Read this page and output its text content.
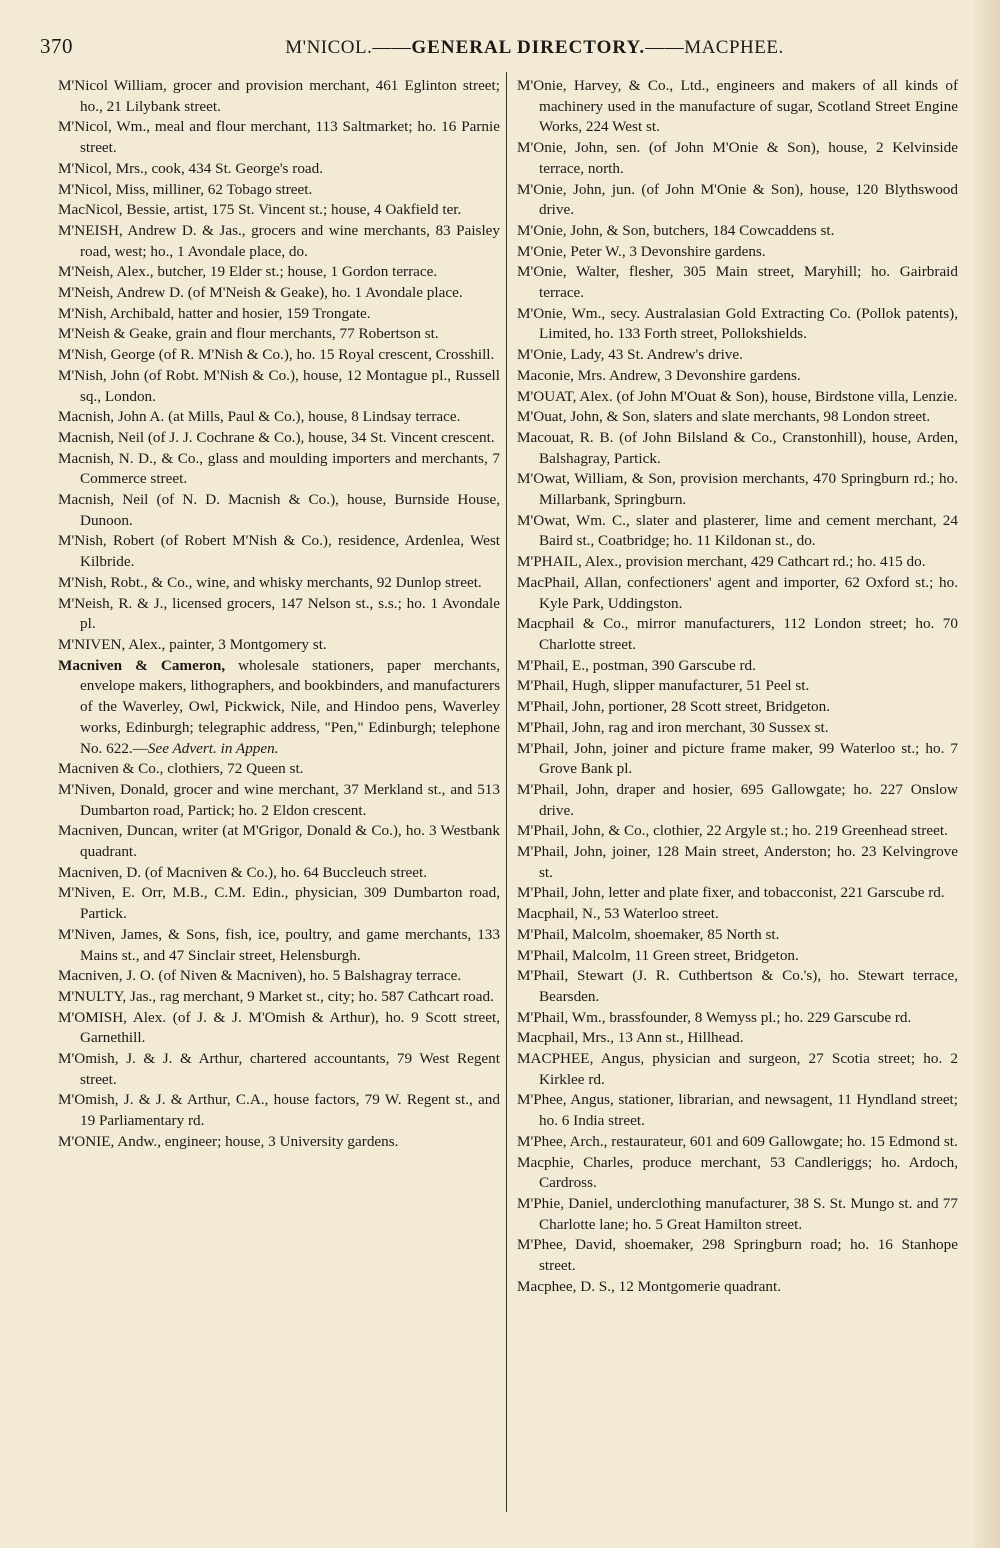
370	M'NICOL.——GENERAL DIRECTORY.——MACPHEE.
M'Nicol William, grocer and provision merchant, 461 Eglinton street; ho., 21 Lilybank street.
M'Nicol, Wm., meal and flour merchant, 113 Saltmarket; ho. 16 Parnie street.
M'Nicol, Mrs., cook, 434 St. George's road.
M'Nicol, Miss, milliner, 62 Tobago street.
MacNicol, Bessie, artist, 175 St. Vincent st.; house, 4 Oakfield ter.
M'NEISH, Andrew D. & Jas., grocers and wine merchants, 83 Paisley road, west; ho., 1 Avondale place, do.
M'Neish, Alex., butcher, 19 Elder st.; house, 1 Gordon terrace.
M'Neish, Andrew D. (of M'Neish & Geake), ho. 1 Avondale place.
M'Nish, Archibald, hatter and hosier, 159 Trongate.
M'Neish & Geake, grain and flour merchants, 77 Robertson st.
M'Nish, George (of R. M'Nish & Co.), ho. 15 Royal crescent, Crosshill.
M'Nish, John (of Robt. M'Nish & Co.), house, 12 Montague pl., Russell sq., London.
Macnish, John A. (at Mills, Paul & Co.), house, 8 Lindsay terrace.
Macnish, Neil (of J. J. Cochrane & Co.), house, 34 St. Vincent crescent.
Macnish, N. D., & Co., glass and moulding importers and merchants, 7 Commerce street.
Macnish, Neil (of N. D. Macnish & Co.), house, Burnside House, Dunoon.
M'Nish, Robert (of Robert M'Nish & Co.), residence, Ardenlea, West Kilbride.
M'Nish, Robt., & Co., wine, and whisky merchants, 92 Dunlop street.
M'Neish, R. & J., licensed grocers, 147 Nelson st., s.s.; ho. 1 Avondale pl.
M'NIVEN, Alex., painter, 3 Montgomery st.
Macniven & Cameron, wholesale stationers, paper merchants, envelope makers, lithographers, and bookbinders, and manufacturers of the Waverley, Owl, Pickwick, Nile, and Hindoo pens, Waverley works, Edinburgh; telegraphic address, "Pen," Edinburgh; telephone No. 622.—See Advert. in Appen.
Macniven & Co., clothiers, 72 Queen st.
M'Niven, Donald, grocer and wine merchant, 37 Merkland st., and 513 Dumbarton road, Partick; ho. 2 Eldon crescent.
Macniven, Duncan, writer (at M'Grigor, Donald & Co.), ho. 3 Westbank quadrant.
Macniven, D. (of Macniven & Co.), ho. 64 Buccleuch street.
M'Niven, E. Orr, M.B., C.M. Edin., physician, 309 Dumbarton road, Partick.
M'Niven, James, & Sons, fish, ice, poultry, and game merchants, 133 Mains st., and 47 Sinclair street, Helensburgh.
Macniven, J. O. (of Niven & Macniven), ho. 5 Balshagray terrace.
M'NULTY, Jas., rag merchant, 9 Market st., city; ho. 587 Cathcart road.
M'OMISH, Alex. (of J. & J. M'Omish & Arthur), ho. 9 Scott street, Garnethill.
M'Omish, J. & J. & Arthur, chartered accountants, 79 West Regent street.
M'Omish, J. & J. & Arthur, C.A., house factors, 79 W. Regent st., and 19 Parliamentary rd.
M'ONIE, Andw., engineer; house, 3 University gardens.
M'Onie, Harvey, & Co., Ltd., engineers and makers of all kinds of machinery used in the manufacture of sugar, Scotland Street Engine Works, 224 West st.
M'Onie, John, sen. (of John M'Onie & Son), house, 2 Kelvinside terrace, north.
M'Onie, John, jun. (of John M'Onie & Son), house, 120 Blythswood drive.
M'Onie, John, & Son, butchers, 184 Cowcaddens st.
M'Onie, Peter W., 3 Devonshire gardens.
M'Onie, Walter, flesher, 305 Main street, Maryhill; ho. Gairbraid terrace.
M'Onie, Wm., secy. Australasian Gold Extracting Co. (Pollok patents), Limited, ho. 133 Forth street, Pollokshields.
M'Onie, Lady, 43 St. Andrew's drive.
Maconie, Mrs. Andrew, 3 Devonshire gardens.
M'OUAT, Alex. (of John M'Ouat & Son), house, Birdstone villa, Lenzie.
M'Ouat, John, & Son, slaters and slate merchants, 98 London street.
Macouat, R. B. (of John Bilsland & Co., Cranstonhill), house, Arden, Balshagray, Partick.
M'Owat, William, & Son, provision merchants, 470 Springburn rd.; ho. Millarbank, Springburn.
M'Owat, Wm. C., slater and plasterer, lime and cement merchant, 24 Baird st., Coatbridge; ho. 11 Kildonan st., do.
M'PHAIL, Alex., provision merchant, 429 Cathcart rd.; ho. 415 do.
MacPhail, Allan, confectioners' agent and importer, 62 Oxford st.; ho. Kyle Park, Uddingston.
Macphail & Co., mirror manufacturers, 112 London street; ho. 70 Charlotte street.
M'Phail, E., postman, 390 Garscube rd.
M'Phail, Hugh, slipper manufacturer, 51 Peel st.
M'Phail, John, portioner, 28 Scott street, Bridgeton.
M'Phail, John, rag and iron merchant, 30 Sussex st.
M'Phail, John, joiner and picture frame maker, 99 Waterloo st.; ho. 7 Grove Bank pl.
M'Phail, John, draper and hosier, 695 Gallowgate; ho. 227 Onslow drive.
M'Phail, John, & Co., clothier, 22 Argyle st.; ho. 219 Greenhead street.
M'Phail, John, joiner, 128 Main street, Anderston; ho. 23 Kelvingrove st.
M'Phail, John, letter and plate fixer, and tobacconist, 221 Garscube rd.
Macphail, N., 53 Waterloo street.
M'Phail, Malcolm, shoemaker, 85 North st.
M'Phail, Malcolm, 11 Green street, Bridgeton.
M'Phail, Stewart (J. R. Cuthbertson & Co.'s), ho. Stewart terrace, Bearsden.
M'Phail, Wm., brassfounder, 8 Wemyss pl.; ho. 229 Garscube rd.
Macphail, Mrs., 13 Ann st., Hillhead.
MACPHEE, Angus, physician and surgeon, 27 Scotia street; ho. 2 Kirklee rd.
M'Phee, Angus, stationer, librarian, and newsagent, 11 Hyndland street; ho. 6 India street.
M'Phee, Arch., restaurateur, 601 and 609 Gallowgate; ho. 15 Edmond st.
Macphie, Charles, produce merchant, 53 Candleriggs; ho. Ardoch, Cardross.
M'Phie, Daniel, underclothing manufacturer, 38 S. St. Mungo st. and 77 Charlotte lane; ho. 5 Great Hamilton street.
M'Phee, David, shoemaker, 298 Springburn road; ho. 16 Stanhope street.
Macphee, D. S., 12 Montgomerie quadrant.
